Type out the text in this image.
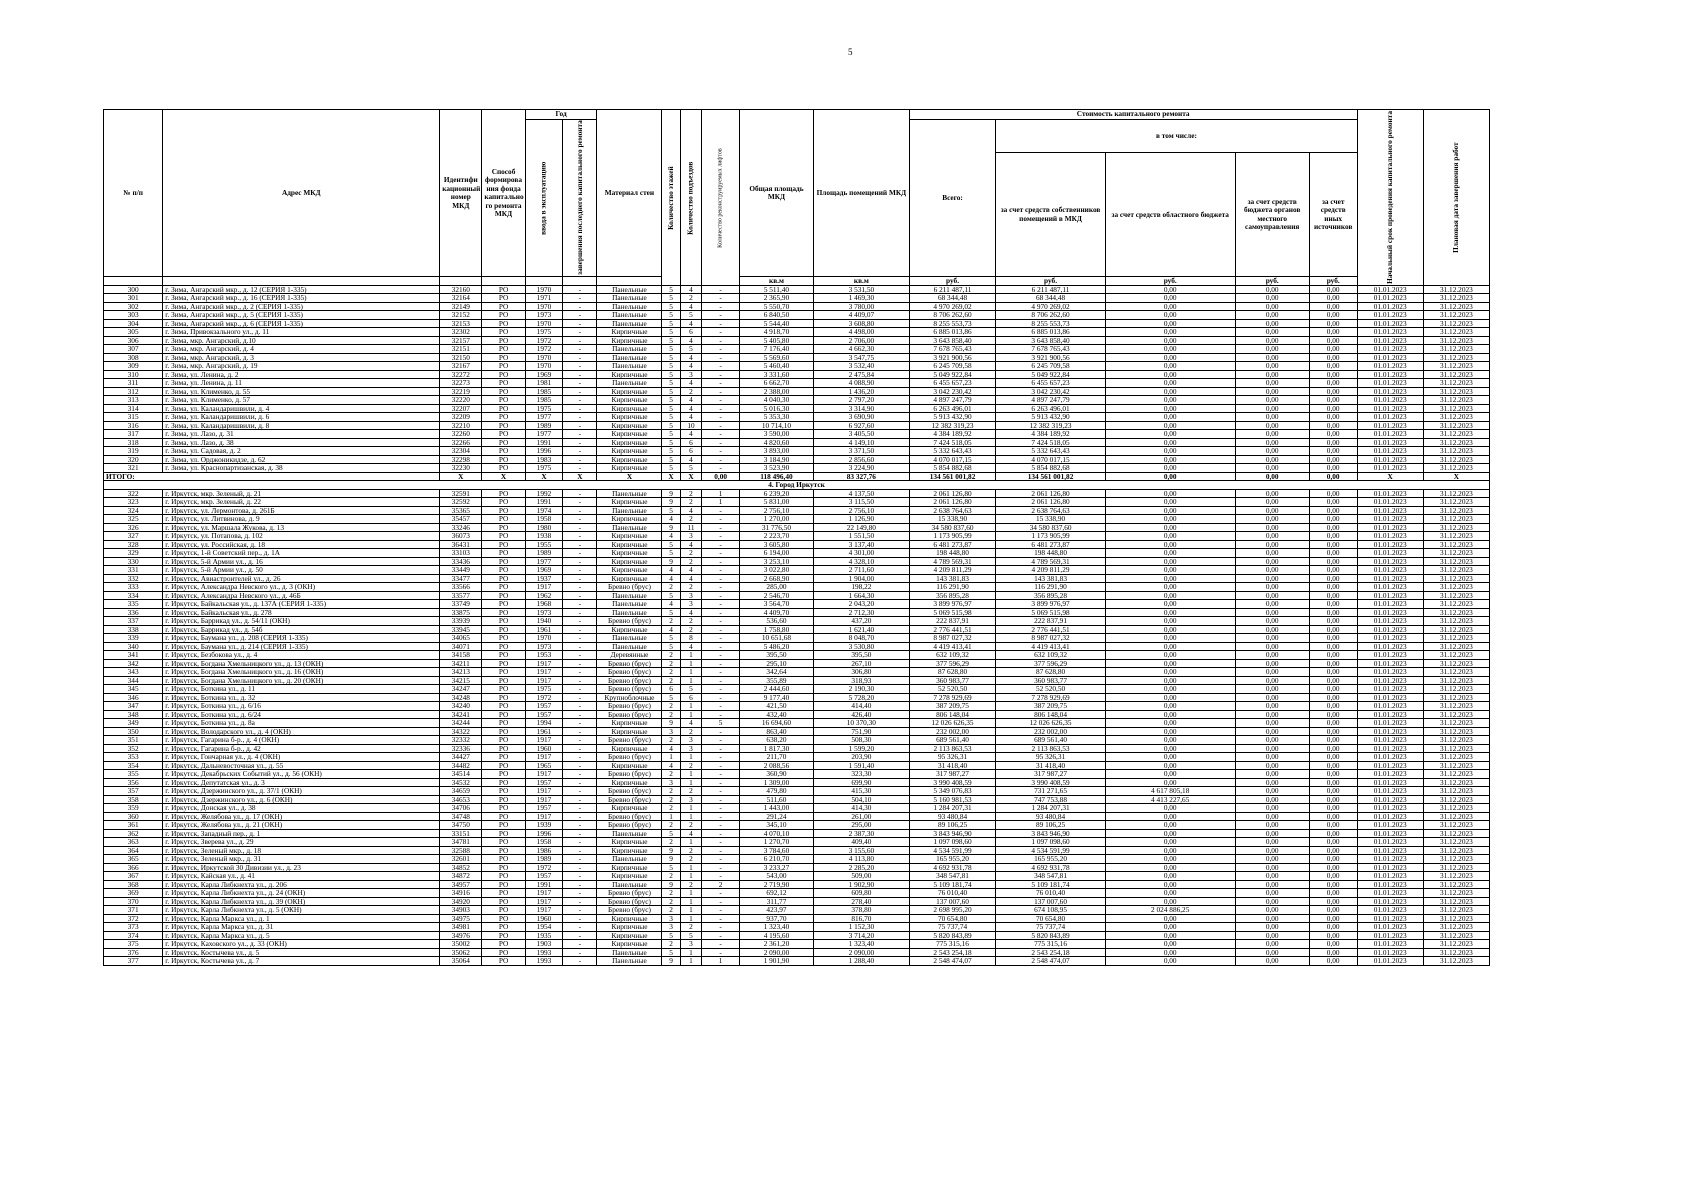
5
№ п/п	Адрес МКД	Идентифи кационный номер МКД	Способ формирова ния фонда капитально го ремонта МКД	Год		Материал стен	Количество этажей	Количество подъездов	Количество реконструируемых лифтов	Общая площадь МКД	Площадь помещений МКД	Стоимость капитального ремонта					Начальный срок проведения капитального ремонта	Плановая дата завершения работ
				ввода в эксплуатацию	завершения последнего капитального ремонта							Всего:	в том числе:					
													за счет средств собственников помещений в МКД	за счет средств областного бюджета	за счет средств бюджета органов местного самоуправления	за счет средств иных источников		
										кв.м	кв.м	руб.	руб.	руб.	руб.	руб.		
300	г. Зима, Ангарский мкр., д. 12 (СЕРИЯ 1-335)	32160	РО	1970	-	Панельные	5	4	-	5 511,40	3 531,50	6 211 487,11	6 211 487,11	0,00	0,00	0,00	01.01.2023	31.12.2023
301	г. Зима, Ангарский мкр., д. 16 (СЕРИЯ 1-335)	32164	РО	1971	-	Панельные	5	2	-	2 365,90	1 469,30	68 344,48	68 344,48	0,00	0,00	0,00	01.01.2023	31.12.2023
302	г. Зима, Ангарский мкр., д. 2 (СЕРИЯ 1-335)	32149	РО	1970	-	Панельные	5	4	-	5 550,70	3 780,00	4 970 269,02	4 970 269,02	0,00	0,00	0,00	01.01.2023	31.12.2023
303	г. Зима, Ангарский мкр., д. 5 (СЕРИЯ 1-335)	32152	РО	1973	-	Панельные	5	5	-	6 840,50	4 409,07	8 706 262,60	8 706 262,60	0,00	0,00	0,00	01.01.2023	31.12.2023
304	г. Зима, Ангарский мкр., д. 6 (СЕРИЯ 1-335)	32153	РО	1970	-	Панельные	5	4	-	5 544,40	3 608,80	8 255 553,73	8 255 553,73	0,00	0,00	0,00	01.01.2023	31.12.2023
305	г. Зима, Привокзального ул., д. 11	32302	РО	1975	-	Кирпичные	5	6	-	4 918,70	4 498,00	6 885 013,86	6 885 013,86	0,00	0,00	0,00	01.01.2023	31.12.2023
306	г. Зима, мкр. Ангарский, д.10	32157	РО	1972	-	Кирпичные	5	4	-	5 405,80	2 706,00	3 643 858,40	3 643 858,40	0,00	0,00	0,00	01.01.2023	31.12.2023
307	г. Зима, мкр. Ангарский, д. 4	32151	РО	1972	-	Панельные	5	5	-	7 176,40	4 662,30	7 678 765,43	7 678 765,43	0,00	0,00	0,00	01.01.2023	31.12.2023
308	г. Зима, мкр. Ангарский, д. 3	32150	РО	1970	-	Панельные	5	4	-	5 569,60	3 547,75	3 921 900,56	3 921 900,56	0,00	0,00	0,00	01.01.2023	31.12.2023
309	г. Зима, мкр. Ангарский, д. 19	32167	РО	1970	-	Панельные	5	4	-	5 460,40	3 532,40	6 245 709,58	6 245 709,58	0,00	0,00	0,00	01.01.2023	31.12.2023
310	г. Зима, ул. Ленина, д. 2	32272	РО	1969	-	Кирпичные	5	3	-	3 331,60	2 475,84	5 049 922,84	5 049 922,84	0,00	0,00	0,00	01.01.2023	31.12.2023
311	г. Зима, ул. Ленина, д. 11	32273	РО	1981	-	Панельные	5	4	-	6 662,70	4 088,90	6 455 657,23	6 455 657,23	0,00	0,00	0,00	01.01.2023	31.12.2023
312	г. Зима, ул. Клименко, д. 55	32219	РО	1985	-	Кирпичные	5	2	-	2 388,00	1 436,20	3 042 230,42	3 042 230,42	0,00	0,00	0,00	01.01.2023	31.12.2023
313	г. Зима, ул. Клименко, д. 57	32220	РО	1985	-	Кирпичные	5	4	-	4 040,30	2 797,20	4 897 247,79	4 897 247,79	0,00	0,00	0,00	01.01.2023	31.12.2023
314	г. Зима, ул. Каландаришвили, д. 4	32207	РО	1975	-	Кирпичные	5	4	-	5 016,30	3 314,90	6 263 496,01	6 263 496,01	0,00	0,00	0,00	01.01.2023	31.12.2023
315	г. Зима, ул. Каландаришвили, д. 6	32209	РО	1977	-	Кирпичные	5	4	-	5 353,30	3 690,90	5 913 432,90	5 913 432,90	0,00	0,00	0,00	01.01.2023	31.12.2023
316	г. Зима, ул. Каландаришвили, д. 8	32210	РО	1989	-	Кирпичные	5	10	-	10 714,10	6 927,60	12 382 319,23	12 382 319,23	0,00	0,00	0,00	01.01.2023	31.12.2023
317	г. Зима, ул. Лазо, д. 31	32260	РО	1977	-	Кирпичные	5	4	-	3 590,00	3 405,50	4 384 189,92	4 384 189,92	0,00	0,00	0,00	01.01.2023	31.12.2023
318	г. Зима, ул. Лазо, д. 38	32266	РО	1991	-	Кирпичные	5	6	-	4 820,60	4 149,10	7 424 518,05	7 424 518,05	0,00	0,00	0,00	01.01.2023	31.12.2023
319	г. Зима, ул. Садовая, д. 2	32304	РО	1996	-	Кирпичные	5	6	-	3 893,00	3 371,50	5 332 643,43	5 332 643,43	0,00	0,00	0,00	01.01.2023	31.12.2023
320	г. Зима, ул. Орджоникидзе, д. 62	32298	РО	1983	-	Кирпичные	5	4	-	3 184,90	2 856,60	4 070 017,15	4 070 017,15	0,00	0,00	0,00	01.01.2023	31.12.2023
321	г. Зима, ул. Краснопартизанская, д. 38	32230	РО	1975	-	Кирпичные	5	5	-	3 523,90	3 224,90	5 854 882,68	5 854 882,68	0,00	0,00	0,00	01.01.2023	31.12.2023
ИТОГО:		X	X	X	X	X	X	X	0,00	118 496,40	83 327,76	134 561 001,82	134 561 001,82	0,00	0,00	0,00	X	X
4. Город Иркутск																		
322	г. Иркутск, мкр. Зеленый, д. 21	32591	РО	1992	-	Панельные	9	2	1	6 239,20	4 137,50	2 061 126,80	2 061 126,80	0,00	0,00	0,00	01.01.2023	31.12.2023
323	г. Иркутск, мкр. Зеленый, д. 22	32592	РО	1991	-	Кирпичные	9	2	1	5 831,00	3 115,50	2 061 126,80	2 061 126,80	0,00	0,00	0,00	01.01.2023	31.12.2023
324	г. Иркутск, ул. Лермонтова, д. 261Б	35365	РО	1974	-	Панельные	5	4	-	2 756,10	2 756,10	2 638 764,63	2 638 764,63	0,00	0,00	0,00	01.01.2023	31.12.2023
325	г. Иркутск, ул. Литвинова, д. 9	35457	РО	1958	-	Кирпичные	4	2	-	1 270,00	1 126,90	15 338,90	15 338,90	0,00	0,00	0,00	01.01.2023	31.12.2023
326	г. Иркутск, ул. Маршала Жукова, д. 13	33246	РО	1980	-	Панельные	9	11	-	31 776,50	22 149,80	34 580 837,60	34 580 837,60	0,00	0,00	0,00	01.01.2023	31.12.2023
327	г. Иркутск, ул. Потапова, д. 102	36073	РО	1938	-	Кирпичные	4	3	-	2 223,70	1 551,50	1 173 905,99	1 173 905,99	0,00	0,00	0,00	01.01.2023	31.12.2023
328	г. Иркутск, ул. Российская, д. 18	36431	РО	1955	-	Кирпичные	5	4	-	3 605,80	3 137,40	6 481 273,87	6 481 273,87	0,00	0,00	0,00	01.01.2023	31.12.2023
329	г. Иркутск, 1-й Советский пер., д. 1А	33103	РО	1989	-	Кирпичные	5	2	-	6 194,00	4 301,00	198 448,80	198 448,80	0,00	0,00	0,00	01.01.2023	31.12.2023
330	г. Иркутск, 5-й Армии ул., д. 16	33436	РО	1977	-	Кирпичные	9	2	-	3 253,10	4 328,10	4 789 569,31	4 789 569,31	0,00	0,00	0,00	01.01.2023	31.12.2023
331	г. Иркутск, 5-й Армии ул., д. 50	33449	РО	1969	-	Кирпичные	4	4	-	3 022,80	2 711,60	4 209 811,29	4 209 811,29	0,00	0,00	0,00	01.01.2023	31.12.2023
332	г. Иркутск, Авиастроителей ул., д. 26	33477	РО	1937	-	Кирпичные	4	4	-	2 668,90	1 904,00	143 381,83	143 381,83	0,00	0,00	0,00	01.01.2023	31.12.2023
333	г. Иркутск, Александра Невского ул., д. 3 (ОКН)	33566	РО	1917	-	Бревно (брус)	2	2	-	285,00	198,22	116 291,90	116 291,90	0,00	0,00	0,00	01.01.2023	31.12.2023
334	г. Иркутск, Александра Невского ул., д. 46Б	33577	РО	1962	-	Панельные	5	3	-	2 546,70	1 664,30	356 895,28	356 895,28	0,00	0,00	0,00	01.01.2023	31.12.2023
335	г. Иркутск, Байкальская ул., д. 137А (СЕРИЯ 1-335)	33749	РО	1968	-	Панельные	4	3	-	3 564,70	2 043,20	3 899 976,97	3 899 976,97	0,00	0,00	0,00	01.01.2023	31.12.2023
336	г. Иркутск, Байкальская ул., д. 278	33875	РО	1973	-	Панельные	5	4	-	4 409,70	2 712,30	5 069 515,98	5 069 515,98	0,00	0,00	0,00	01.01.2023	31.12.2023
337	г. Иркутск, Баррикад ул., д. 54/11 (ОКН)	33939	РО	1940	-	Бревно (брус)	2	2	-	536,60	437,20	222 837,91	222 837,91	0,00	0,00	0,00	01.01.2023	31.12.2023
338	г. Иркутск, Баррикад ул., д. 54б	33945	РО	1961	-	Кирпичные	4	2	-	1 758,80	1 621,40	2 776 441,51	2 776 441,51	0,00	0,00	0,00	01.01.2023	31.12.2023
339	г. Иркутск, Баумана ул., д. 208 (СЕРИЯ 1-335)	34065	РО	1970	-	Панельные	5	8	-	10 651,68	8 048,70	8 987 027,32	8 987 027,32	0,00	0,00	0,00	01.01.2023	31.12.2023
340	г. Иркутск, Баумана ул., д. 214 (СЕРИЯ 1-335)	34071	РО	1973	-	Панельные	5	4	-	5 486,20	3 530,80	4 419 413,41	4 419 413,41	0,00	0,00	0,00	01.01.2023	31.12.2023
341	г. Иркутск, Безбокова ул., д. 4	34158	РО	1953	-	Деревянные	2	1	-	395,50	395,50	632 109,32	632 109,32	0,00	0,00	0,00	01.01.2023	31.12.2023
342	г. Иркутск, Богдана Хмельницкого ул., д. 13 (ОКН)	34211	РО	1917	-	Бревно (брус)	2	1	-	295,10	267,10	377 596,29	377 596,29	0,00	0,00	0,00	01.01.2023	31.12.2023
343	г. Иркутск, Богдана Хмельницкого ул., д. 16 (ОКН)	34213	РО	1917	-	Бревно (брус)	2	1	-	342,64	306,80	87 628,80	87 628,80	0,00	0,00	0,00	01.01.2023	31.12.2023
344	г. Иркутск, Богдана Хмельницкого ул., д. 20 (ОКН)	34215	РО	1917	-	Бревно (брус)	2	1	-	355,89	318,93	360 983,77	360 983,77	0,00	0,00	0,00	01.01.2023	31.12.2023
345	г. Иркутск, Боткина ул., д. 11	34247	РО	1975	-	Бревно (брус)	6	5	-	2 444,60	2 190,30	52 520,50	52 520,50	0,00	0,00	0,00	01.01.2023	31.12.2023
346	г. Иркутск, Боткина ул., д. 32	34248	РО	1972	-	Крупноблочные	5	6	-	9 177,40	5 728,20	7 278 929,69	7 278 929,69	0,00	0,00	0,00	01.01.2023	31.12.2023
347	г. Иркутск, Боткина ул., д. 6/16	34240	РО	1957	-	Бревно (брус)	2	1	-	421,50	414,40	387 209,75	387 209,75	0,00	0,00	0,00	01.01.2023	31.12.2023
348	г. Иркутск, Боткина ул., д. 6/24	34241	РО	1957	-	Бревно (брус)	2	1	-	432,40	426,40	806 148,04	806 148,04	0,00	0,00	0,00	01.01.2023	31.12.2023
349	г. Иркутск, Боткина ул., д. 8а	34244	РО	1994	-	Кирпичные	9	4	5	16 694,60	10 370,30	12 026 626,35	12 026 626,35	0,00	0,00	0,00	01.01.2023	31.12.2023
350	г. Иркутск, Володарского ул., д. 4 (ОКН)	34322	РО	1961	-	Кирпичные	3	2	-	863,40	751,90	232 002,00	232 002,00	0,00	0,00	0,00	01.01.2023	31.12.2023
351	г. Иркутск, Гагарина б-р., д. 4 (ОКН)	32332	РО	1917	-	Бревно (брус)	2	3	-	638,20	508,30	689 561,40	689 561,40	0,00	0,00	0,00	01.01.2023	31.12.2023
352	г. Иркутск, Гагарина б-р., д. 42	32336	РО	1960	-	Кирпичные	4	3	-	1 817,30	1 599,20	2 113 863,53	2 113 863,53	0,00	0,00	0,00	01.01.2023	31.12.2023
353	г. Иркутск, Гончарная ул., д. 4 (ОКН)	34427	РО	1917	-	Бревно (брус)	1	1	-	211,70	203,90	95 326,31	95 326,31	0,00	0,00	0,00	01.01.2023	31.12.2023
354	г. Иркутск, Дальневосточная ул., д. 55	34482	РО	1965	-	Кирпичные	4	2	-	2 088,56	1 591,40	31 418,40	31 418,40	0,00	0,00	0,00	01.01.2023	31.12.2023
355	г. Иркутск, Декабрьских Событий ул., д. 56 (ОКН)	34514	РО	1917	-	Бревно (брус)	2	1	-	360,90	323,30	317 987,27	317 987,27	0,00	0,00	0,00	01.01.2023	31.12.2023
356	г. Иркутск, Депутатская ул., д. 3	34532	РО	1957	-	Кирпичные	3	1	-	1 309,00	699,90	3 990 408,59	3 990 408,59	0,00	0,00	0,00	01.01.2023	31.12.2023
357	г. Иркутск, Дзержинского ул., д. 37/1 (ОКН)	34659	РО	1917	-	Бревно (брус)	2	2	-	479,80	415,30	5 349 076,83	731 271,65	4 617 805,18	0,00	0,00	01.01.2023	31.12.2023
358	г. Иркутск, Дзержинского ул., д. 6 (ОКН)	34653	РО	1917	-	Бревно (брус)	2	3	-	511,60	504,10	5 160 981,53	747 753,88	4 413 227,65	0,00	0,00	01.01.2023	31.12.2023
359	г. Иркутск, Донская ул., д. 38	34706	РО	1957	-	Кирпичные	2	1	-	1 443,00	414,30	1 284 207,31	1 284 207,31	0,00	0,00	0,00	01.01.2023	31.12.2023
360	г. Иркутск, Желябова ул., д. 17 (ОКН)	34748	РО	1917	-	Бревно (брус)	1	1	-	291,24	261,00	93 480,84	93 480,84	0,00	0,00	0,00	01.01.2023	31.12.2023
361	г. Иркутск, Желябова ул., д. 21 (ОКН)	34750	РО	1939	-	Бревно (брус)	2	2	-	345,10	295,00	89 106,25	89 106,25	0,00	0,00	0,00	01.01.2023	31.12.2023
362	г. Иркутск, Западный пер., д. 1	33151	РО	1996	-	Панельные	5	4	-	4 070,10	2 387,30	3 843 946,90	3 843 946,90	0,00	0,00	0,00	01.01.2023	31.12.2023
363	г. Иркутск, Зверева ул., д. 29	34781	РО	1958	-	Кирпичные	2	1	-	1 270,70	409,40	1 097 098,60	1 097 098,60	0,00	0,00	0,00	01.01.2023	31.12.2023
364	г. Иркутск, Зеленый мкр., д. 18	32588	РО	1986	-	Кирпичные	9	2	-	3 784,60	3 155,60	4 534 591,99	4 534 591,99	0,00	0,00	0,00	01.01.2023	31.12.2023
365	г. Иркутск, Зеленый мкр., д. 31	32601	РО	1989	-	Панельные	9	2	-	6 210,70	4 113,80	165 955,20	165 955,20	0,00	0,00	0,00	01.01.2023	31.12.2023
366	г. Иркутск, Иркутской 30 Дивизии ул., д. 23	34852	РО	1972	-	Кирпичные	5	1	-	3 233,27	2 285,20	4 692 931,78	4 692 931,78	0,00	0,00	0,00	01.01.2023	31.12.2023
367	г. Иркутск, Кайская ул., д. 41	34872	РО	1957	-	Кирпичные	2	1	-	543,00	509,00	348 547,81	348 547,81	0,00	0,00	0,00	01.01.2023	31.12.2023
368	г. Иркутск, Карла Либкнехта ул., д. 206	34957	РО	1991	-	Панельные	9	2	2	2 719,90	1 902,90	5 109 181,74	5 109 181,74	0,00	0,00	0,00	01.01.2023	31.12.2023
369	г. Иркутск, Карла Либкнехта ул., д. 24 (ОКН)	34916	РО	1917	-	Бревно (брус)	2	1	-	692,12	609,80	76 010,40	76 010,40	0,00	0,00	0,00	01.01.2023	31.12.2023
370	г. Иркутск, Карла Либкнехта ул., д. 39 (ОКН)	34920	РО	1917	-	Бревно (брус)	2	1	-	311,77	278,40	137 007,60	137 007,60	0,00	0,00	0,00	01.01.2023	31.12.2023
371	г. Иркутск, Карла Либкнехта ул., д. 5 (ОКН)	34903	РО	1917	-	Бревно (брус)	2	1	-	423,97	378,80	2 698 995,20	674 108,95	2 024 886,25	0,00	0,00	01.01.2023	31.12.2023
372	г. Иркутск, Карла Маркса ул., д. 1	34975	РО	1960	-	Кирпичные	3	1	-	937,70	816,70	70 654,80	70 654,80	0,00	0,00	0,00	01.01.2023	31.12.2023
373	г. Иркутск, Карла Маркса ул., д. 31	34981	РО	1954	-	Кирпичные	3	2	-	1 323,40	1 152,30	75 737,74	75 737,74	0,00	0,00	0,00	01.01.2023	31.12.2023
374	г. Иркутск, Карла Маркса ул., д. 5	34976	РО	1935	-	Кирпичные	5	5	-	4 195,60	3 714,20	5 820 843,89	5 820 843,89	0,00	0,00	0,00	01.01.2023	31.12.2023
375	г. Иркутск, Каховского ул., д. 33 (ОКН)	35002	РО	1903	-	Кирпичные	2	3	-	2 361,20	1 323,40	775 315,16	775 315,16	0,00	0,00	0,00	01.01.2023	31.12.2023
376	г. Иркутск, Костычева ул., д. 5	35062	РО	1993	-	Панельные	5	1	-	2 090,00	2 090,00	2 543 254,18	2 543 254,18	0,00	0,00	0,00	01.01.2023	31.12.2023
377	г. Иркутск, Костычева ул., д. 7	35064	РО	1993	-	Панельные	9	1	1	1 901,90	1 288,40	2 548 474,07	2 548 474,07	0,00	0,00	0,00	01.01.2023	31.12.2023
